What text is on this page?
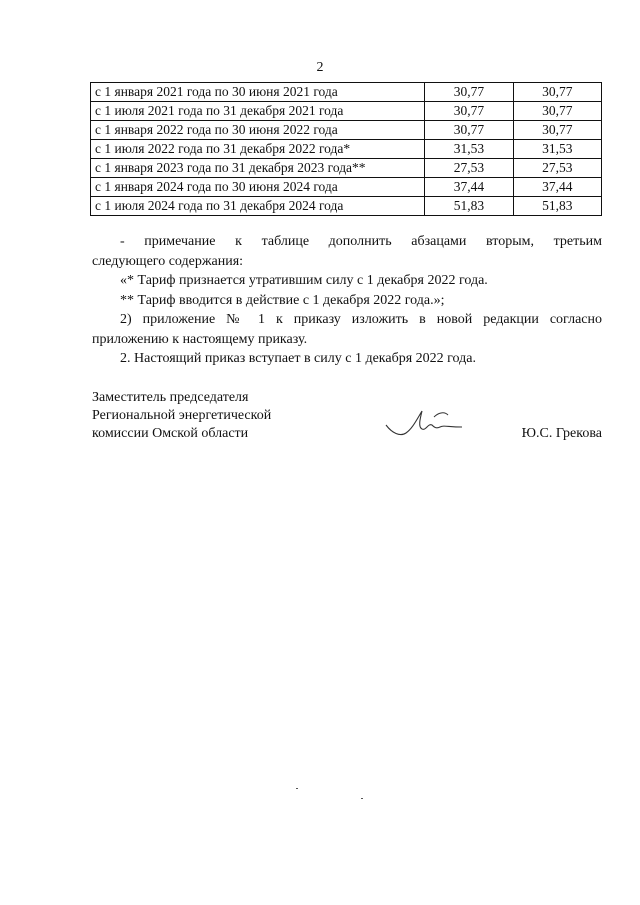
2
с 1 января 2021 года по 30 июня 2021 года	30,77	30,77
с 1 июля 2021 года по 31 декабря 2021 года	30,77	30,77
с 1 января 2022 года по 30 июня 2022 года	30,77	30,77
с 1 июля 2022 года по 31 декабря 2022 года*	31,53	31,53
с 1 января 2023 года по 31 декабря 2023 года**	27,53	27,53
с 1 января 2024 года по 30 июня 2024 года	37,44	37,44
с 1 июля 2024 года по 31 декабря 2024 года	51,83	51,83

- примечание к таблице дополнить абзацами вторым, третьим

следующего содержания:

«* Тариф признается утратившим силу с 1 декабря 2022 года.

** Тариф вводится в действие с 1 декабря 2022 года.»;

2) приложение № 1 к приказу изложить в новой редакции согласно

приложению к настоящему приказу.

2. Настоящий приказ вступает в силу с 1 декабря 2022 года.

Заместитель председателя

Региональной энергетической

комиссии Омской области	Ю.С. Грекова
